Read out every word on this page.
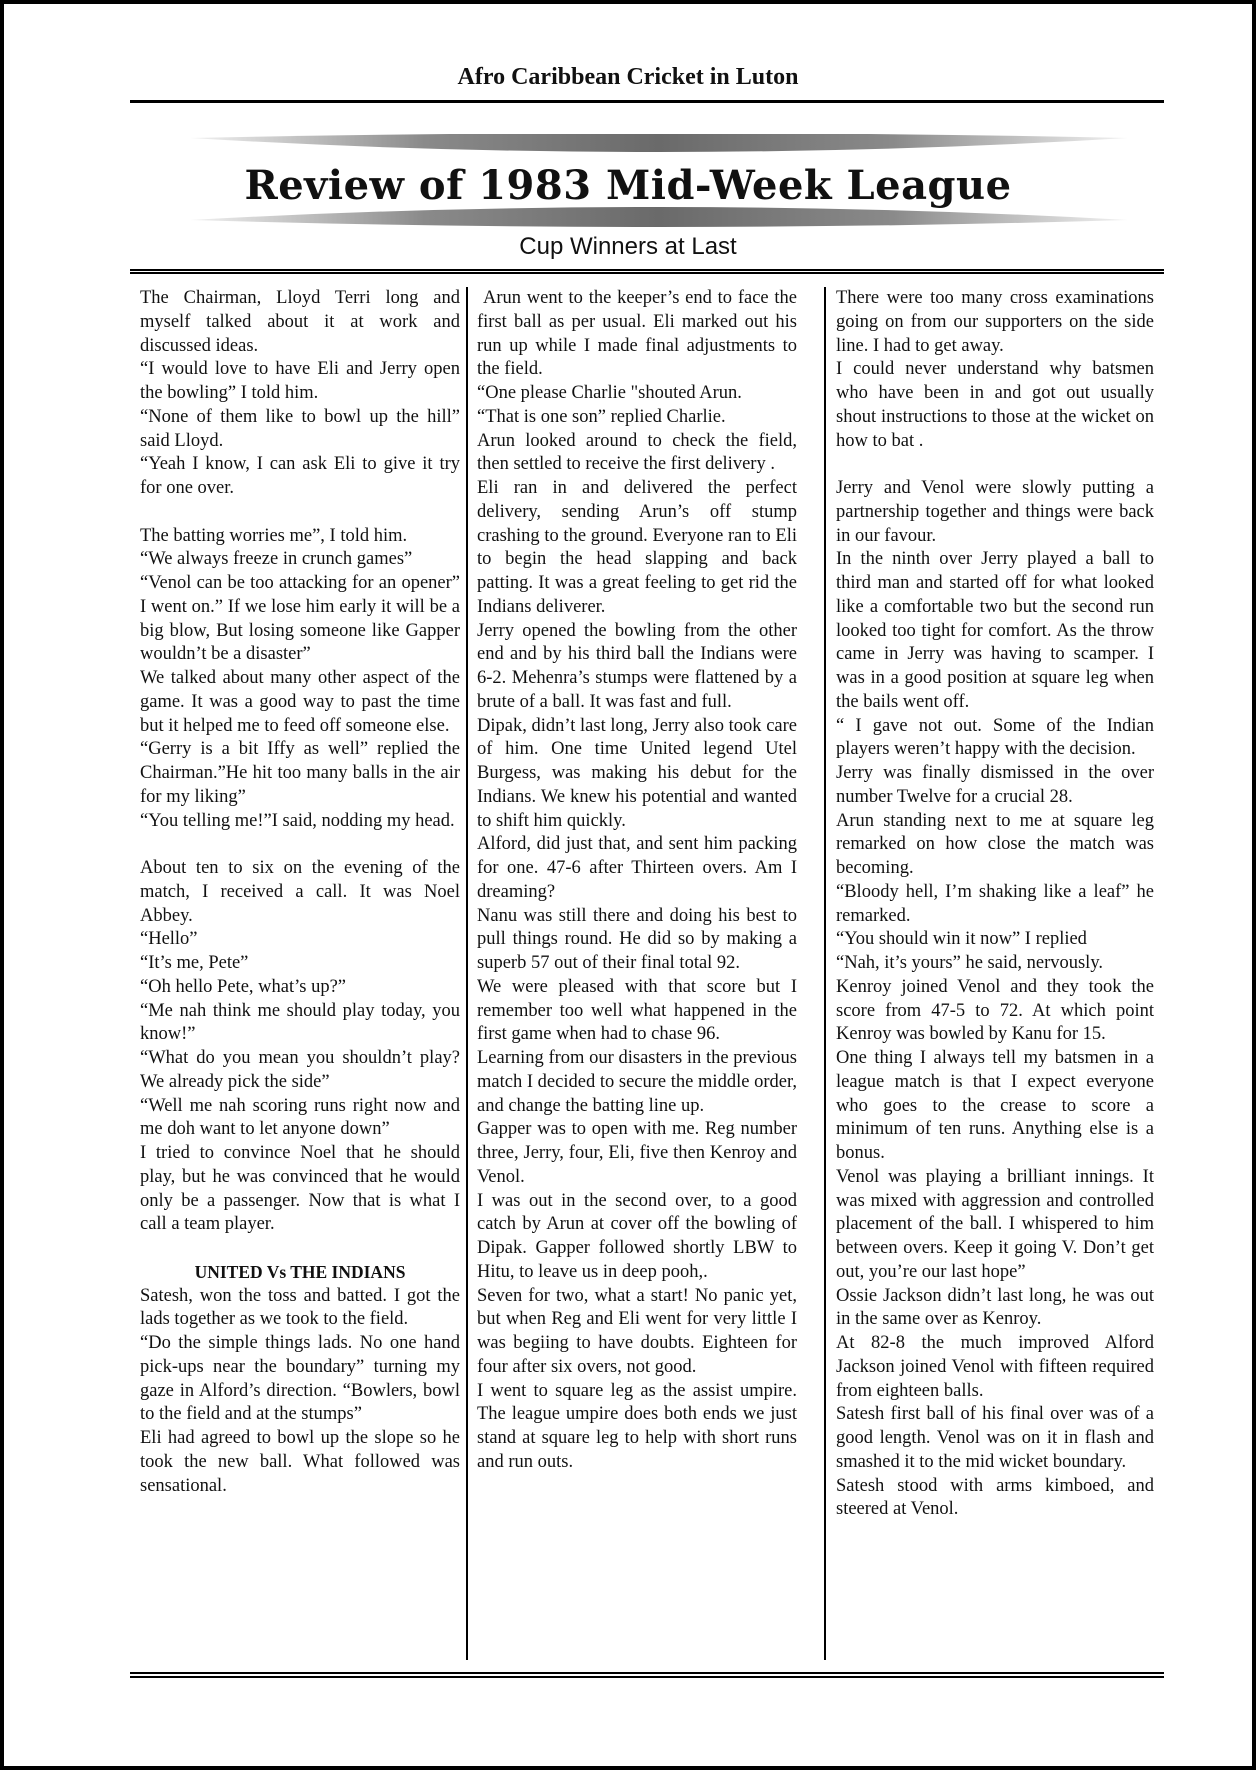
Afro Caribbean Cricket in Luton
Review of 1983 Mid-Week League
Cup Winners at Last

The Chairman, Lloyd Terri long and myself talked about it at work and discussed ideas.

“I would love to have Eli and Jerry open the bowling” I told him.

“None of them like to bowl up the hill” said Lloyd.

“Yeah I know, I can ask Eli to give it try for one over.

The batting worries me”, I told him.

“We always freeze in crunch games”

“Venol can be too attacking for an opener” I went on.” If we lose him early it will be a big blow, But losing someone like Gapper wouldn’t be a disaster”

We talked about many other aspect of the game. It was a good way to past the time but it helped me to feed off someone else.

“Gerry is a bit Iffy as well” replied the Chairman.”He hit too many balls in the air for my liking”

“You telling me!”I said, nodding my head.

About ten to six on the evening of the match, I received a call. It was Noel Abbey.

“Hello”

“It’s me, Pete”

“Oh hello Pete, what’s up?”

“Me nah think me should play today, you know!”

“What do you mean you shouldn’t play? We already pick the side”

“Well me nah scoring runs right now and me doh want to let anyone down”

I tried to convince Noel that he should play, but he was convinced that he would only be a passenger. Now that is what I call a team player.

UNITED Vs THE INDIANS

Satesh, won the toss and batted. I got the lads together as we took to the field.

“Do the simple things lads. No one hand pick-ups near the boundary” turning my gaze in Alford’s direction. “Bowlers, bowl to the field and at the stumps”

Eli had agreed to bowl up the slope so he took the new ball. What followed was sensational.

Arun went to the keeper’s end to face the first ball as per usual. Eli marked out his run up while I made final adjustments to the field.

“One please Charlie "shouted Arun.

“That is one son” replied Charlie.

Arun looked around to check the field, then settled to receive the first delivery .

Eli ran in and delivered the perfect delivery, sending Arun’s off stump crashing to the ground. Everyone ran to Eli to begin the head slapping and back patting. It was a great feeling to get rid the Indians deliverer.

Jerry opened the bowling from the other end and by his third ball the Indians were 6-2. Mehenra’s stumps were flattened by a brute of a ball. It was fast and full.

Dipak, didn’t last long, Jerry also took care of him. One time United legend Utel Burgess, was making his debut for the Indians. We knew his potential and wanted to shift him quickly.

Alford, did just that, and sent him packing for one. 47-6 after Thirteen overs. Am I dreaming?

Nanu was still there and doing his best to pull things round. He did so by making a superb 57 out of their final total 92.

We were pleased with that score but I remember too well what happened in the first game when had to chase 96.

Learning from our disasters in the previous match I decided to secure the middle order, and change the batting line up.

Gapper was to open with me. Reg number three, Jerry, four, Eli, five then Kenroy and Venol.

I was out in the second over, to a good catch by Arun at cover off the bowling of Dipak. Gapper followed shortly LBW to Hitu, to leave us in deep pooh,.

Seven for two, what a start! No panic yet, but when Reg and Eli went for very little I was begiing to have doubts. Eighteen for four after six overs, not good.

I went to square leg as the assist umpire. The league umpire does both ends we just stand at square leg to help with short runs and run outs.

There were too many cross examinations going on from our supporters on the side line. I had to get away.

I could never understand why batsmen who have been in and got out usually shout instructions to those at the wicket on how to bat .

Jerry and Venol were slowly putting a partnership together and things were back in our favour.

In the ninth over Jerry played a ball to third man and started off for what looked like a comfortable two but the second run looked too tight for comfort. As the throw came in Jerry was having to scamper. I was in a good position at square leg when the bails went off.

“ I gave not out. Some of the Indian players weren’t happy with the decision.

Jerry was finally dismissed in the over number Twelve for a crucial 28.

Arun standing next to me at square leg remarked on how close the match was becoming.

“Bloody hell, I’m shaking like a leaf” he remarked.

“You should win it now” I replied

“Nah, it’s yours” he said, nervously.

Kenroy joined Venol and they took the score from 47-5 to 72. At which point Kenroy was bowled by Kanu for 15.

One thing I always tell my batsmen in a league match is that I expect everyone who goes to the crease to score a minimum of ten runs. Anything else is a bonus.

Venol was playing a brilliant innings. It was mixed with aggression and controlled placement of the ball. I whispered to him between overs. Keep it going V. Don’t get out, you’re our last hope”

Ossie Jackson didn’t last long, he was out in the same over as Kenroy.

At 82-8 the much improved Alford Jackson joined Venol with fifteen required from eighteen balls.

Satesh first ball of his final over was of a good length. Venol was on it in flash and smashed it to the mid wicket boundary.

Satesh stood with arms kimboed, and steered at Venol.
